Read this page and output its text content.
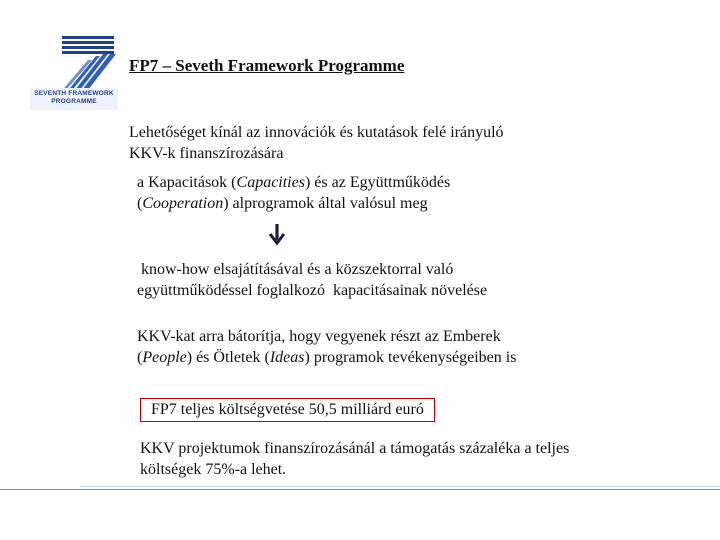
SEVENTH FRAMEWORK
PROGRAMME
FP7 – Seveth Framework Programme
Lehetőséget kínál az innovációk és kutatások felé irányuló
KKV-k finanszírozására
a Kapacitások (Capacities) és az Együttműködés
(Cooperation) alprogramok által valósul meg
know-how elsajátításával és a közszektorral való
együttműködéssel foglalkozó  kapacitásainak növelése
KKV-kat arra bátorítja, hogy vegyenek részt az Emberek
(People) és Ötletek (Ideas) programok tevékenységeiben is
FP7 teljes költségvetése 50,5 milliárd euró
KKV projektumok finanszírozásánál a támogatás százaléka a teljes
költségek 75%-a lehet.
